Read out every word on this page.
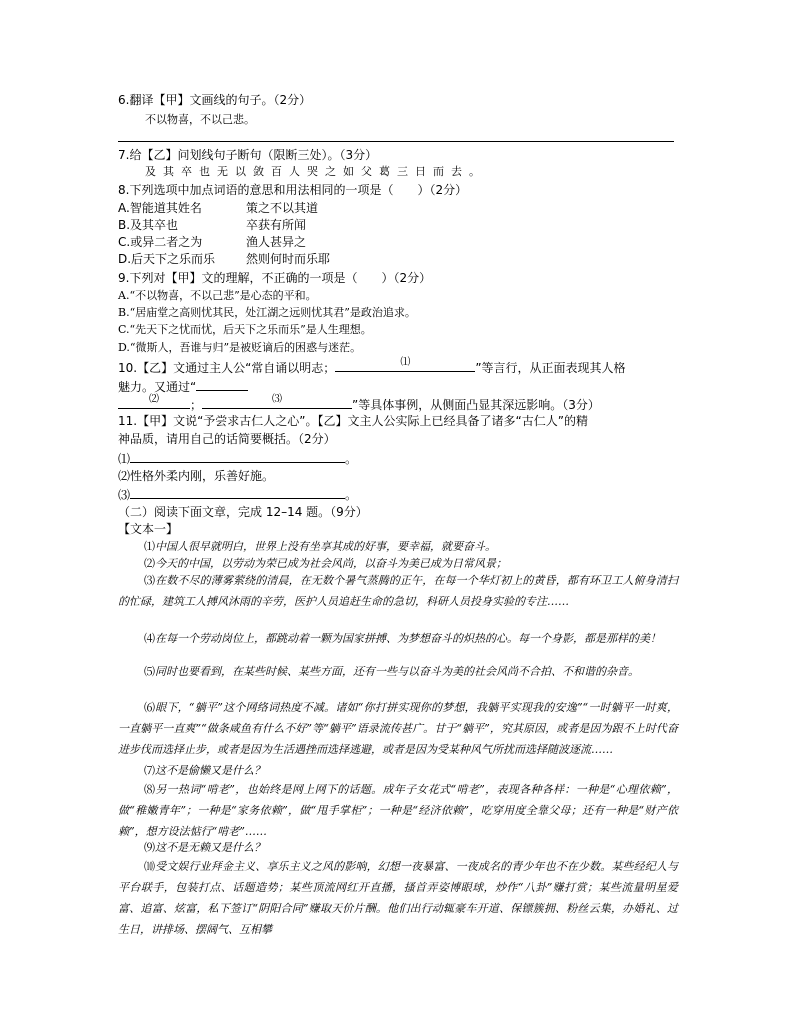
6.翻译【甲】文画线的句子。（2分）
不以物喜，不以己悲。
7.给【乙】问划线句子断句（限断三处）。（3分）
及其卒也无以敛百人哭之如父葛三日而去。
8.下列选项中加点词语的意思和用法相同的一项是（　　）（2分）
A.智能道其姓名	策之不以其道
B.及其卒也	卒获有所闻
C.或异二者之为	渔人甚异之
D.后天下之乐而乐	然则何时而乐耶
9.下列对【甲】文的理解，不正确的一项是（　　）（2分）
A.“不以物喜，不以己悲”是心态的平和。
B.“居庙堂之高则忧其民，处江湖之远则忧其君”是政治追求。
C.“先天下之忧而忧，后天下之乐而乐”是人生理想。
D.“微斯人，吾谁与归”是被贬谪后的困惑与迷茫。
10.【乙】文通过主人公“常自诵以明志；	⑴	”等言行，从正面表现其人格
魅力。又通过“
⑵	；	⑶	”等具体事例，从侧面凸显其深远影响。（3分）
11.【甲】文说“予尝求古仁人之心”。【乙】文主人公实际上已经具备了诸多“古仁人”的精
神品质，请用自己的话简要概括。（2分）
⑴	。
⑵性格外柔内刚，乐善好施。
⑶	。
（二）阅读下面文章，完成 12–14 题。（9分）
【文本一】
⑴中国人很早就明白，世界上没有坐享其成的好事，要幸福，就要奋斗。
⑵今天的中国，以劳动为荣已成为社会风尚，以奋斗为美已成为日常风景；
⑶在数不尽的薄雾萦绕的清晨，在无数个暑气蒸腾的正午，在每一个华灯初上的黄昏，都有环卫工人俯身清扫的忙碌，建筑工人搏风沐雨的辛劳，医护人员追赶生命的急切，科研人员投身实验的专注……
⑷在每一个劳动岗位上，都跳动着一颗为国家拼搏、为梦想奋斗的炽热的心。每一个身影，都是那样的美！
⑸同时也要看到，在某些时候、某些方面，还有一些与以奋斗为美的社会风尚不合拍、不和谐的杂音。
⑹眼下，“躺平”这个网络词热度不减。诸如“你打拼实现你的梦想，我躺平实现我的安逸”“一时躺平一时爽，一直躺平一直爽”“做条咸鱼有什么不好”等“躺平”语录流传甚广。甘于“躺平”，究其原因，或者是因为跟不上时代奋进步伐而选择止步，或者是因为生活遇挫而选择逃避，或者是因为受某种风气所扰而选择随波逐流……
⑺这不是偷懒又是什么？
⑻另一热词“啃老”，也始终是网上网下的话题。成年子女花式“啃老”，表现各种各样：一种是“心理依赖”，做“稚嫩青年”；一种是“家务依赖”，做“甩手掌柜”；一种是“经济依赖”，吃穿用度全靠父母；还有一种是“财产依赖”，想方设法惦行“啃老”……
⑼这不是无赖又是什么？
⑽受文娱行业拜金主义、享乐主义之风的影响，幻想一夜暴富、一夜成名的青少年也不在少数。某些经纪人与平台联手，包装打点、话题造势；某些顶流网红开直播，搔首弄姿博眼球，炒作“八卦”赚打赏；某些流量明星爱富、追富、炫富，私下签订“阴阳合同”赚取天价片酬。他们出行动辄豪车开道、保镖簇拥、粉丝云集，办婚礼、过生日，讲排场、摆阔气、互相攀
